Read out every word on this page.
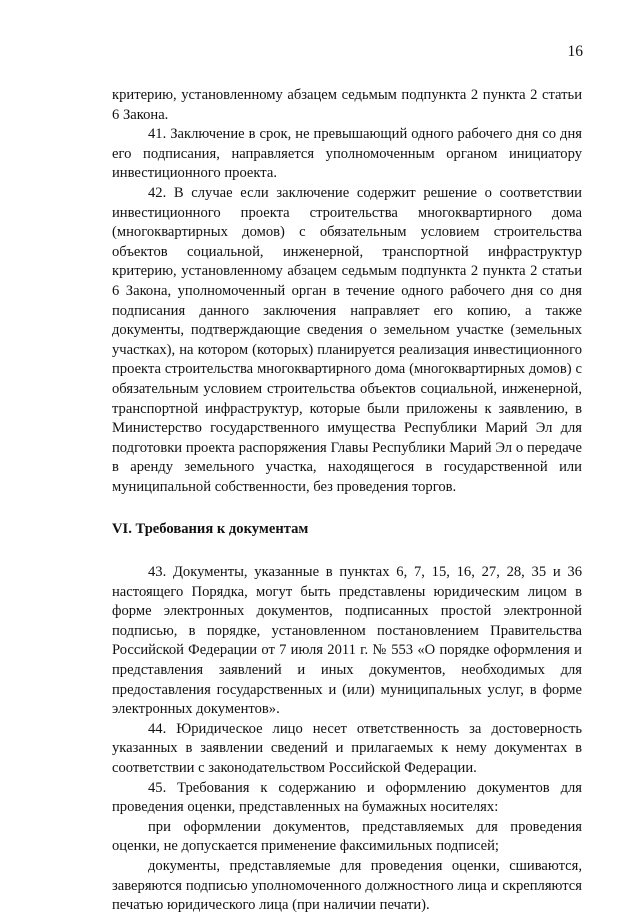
16

критерию, установленному абзацем седьмым подпункта 2 пункта 2 статьи 6 Закона.

41. Заключение в срок, не превышающий одного рабочего дня со дня его подписания, направляется уполномоченным органом инициатору инвестиционного проекта.

42. В случае если заключение содержит решение о соответствии инвестиционного проекта строительства многоквартирного дома (многоквартирных домов) с обязательным условием строительства объектов социальной, инженерной, транспортной инфраструктур критерию, установленному абзацем седьмым подпункта 2 пункта 2 статьи 6 Закона, уполномоченный орган в течение одного рабочего дня со дня подписания данного заключения направляет его копию, а также документы, подтверждающие сведения о земельном участке (земельных участках), на котором (которых) планируется реализация инвестиционного проекта строительства многоквартирного дома (многоквартирных домов) с обязательным условием строительства объектов социальной, инженерной, транспортной инфраструктур, которые были приложены к заявлению, в Министерство государственного имущества Республики Марий Эл для подготовки проекта распоряжения Главы Республики Марий Эл о передаче в аренду земельного участка, находящегося в государственной или муниципальной собственности, без проведения торгов.

VI. Требования к документам

43. Документы, указанные в пунктах 6, 7, 15, 16, 27, 28, 35 и 36 настоящего Порядка, могут быть представлены юридическим лицом в форме электронных документов, подписанных простой электронной подписью, в порядке, установленном постановлением Правительства Российской Федерации от 7 июля 2011 г. № 553 «О порядке оформления и представления заявлений и иных документов, необходимых для предоставления государственных и (или) муниципальных услуг, в форме электронных документов».

44. Юридическое лицо несет ответственность за достоверность указанных в заявлении сведений и прилагаемых к нему документах в соответствии с законодательством Российской Федерации.

45. Требования к содержанию и оформлению документов для проведения оценки, представленных на бумажных носителях:

при оформлении документов, представляемых для проведения оценки, не допускается применение факсимильных подписей;

документы, представляемые для проведения оценки, сшиваются, заверяются подписью уполномоченного должностного лица и скрепляются печатью юридического лица (при наличии печати).
